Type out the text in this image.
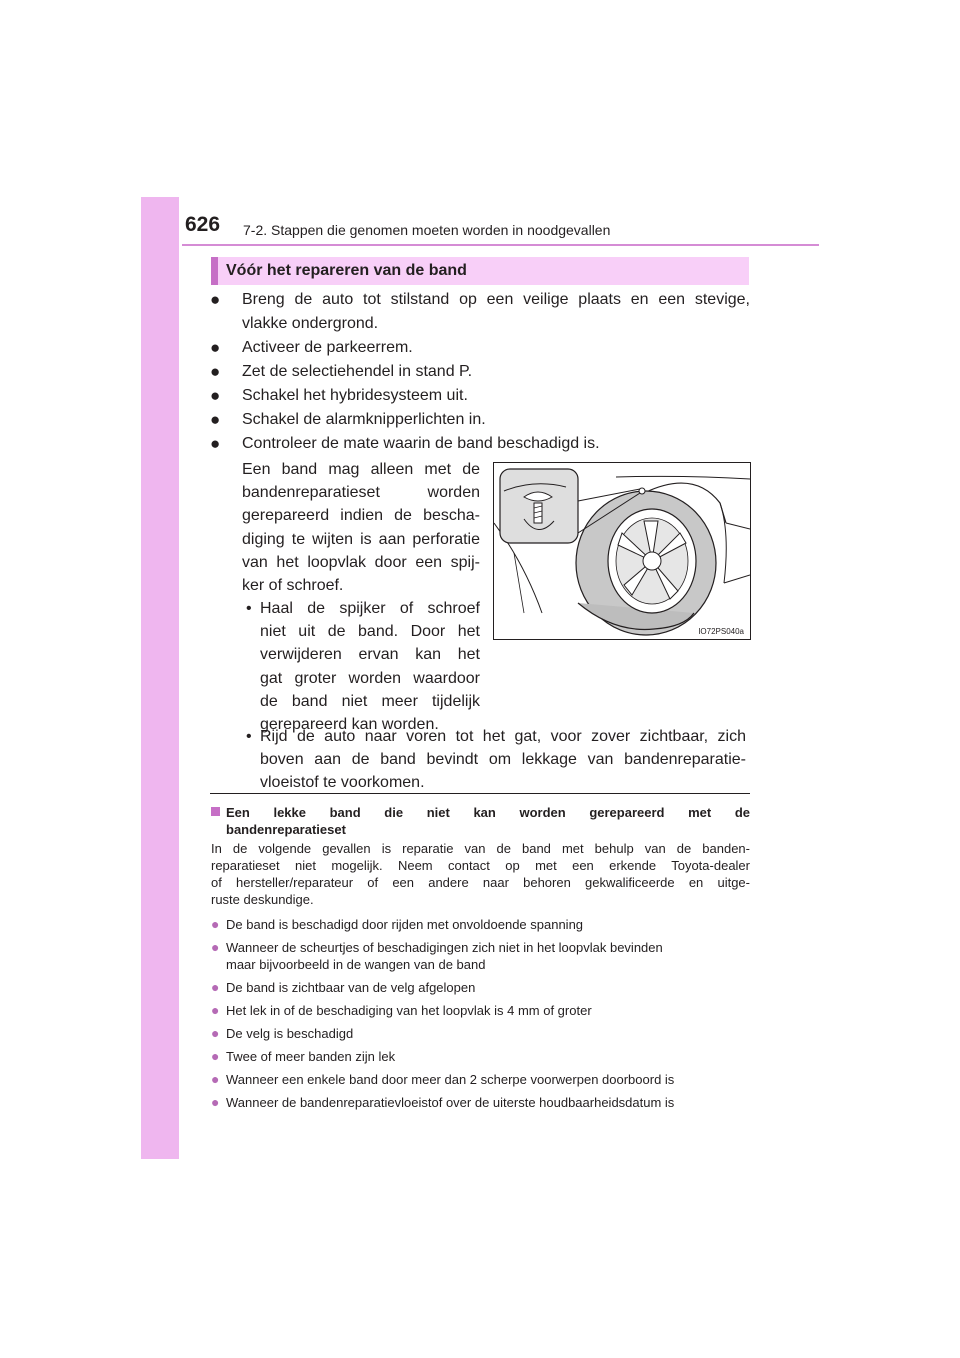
626 7-2. Stappen die genomen moeten worden in noodgevallen
Vóór het repareren van de band
● Breng de auto tot stilstand op een veilige plaats en een stevige,
vlakke ondergrond.
● Activeer de parkeerrem.
● Zet de selectiehendel in stand P.
● Schakel het hybridesysteem uit.
● Schakel de alarmknipperlichten in.
● Controleer de mate waarin de band beschadigd is.
Een band mag alleen met de
bandenreparatieset worden
gerepareerd indien de bescha-
diging te wijten is aan perforatie
van het loopvlak door een spij-
ker of schroef.
• Haal de spijker of schroef
niet uit de band. Door het
verwijderen ervan kan het
gat groter worden waardoor
de band niet meer tijdelijk
gerepareerd kan worden.
• Rijd de auto naar voren tot het gat, voor zover zichtbaar, zich
boven aan de band bevindt om lekkage van bandenreparatie-
vloeistof te voorkomen.
IO72PS040a
Een lekke band die niet kan worden gerepareerd met de
bandenreparatieset
In de volgende gevallen is reparatie van de band met behulp van de banden-
reparatieset niet mogelijk. Neem contact op met een erkende Toyota-dealer
of hersteller/reparateur of een andere naar behoren gekwalificeerde en uitge-
ruste deskundige.
● De band is beschadigd door rijden met onvoldoende spanning
● Wanneer de scheurtjes of beschadigingen zich niet in het loopvlak bevinden
maar bijvoorbeeld in de wangen van de band
● De band is zichtbaar van de velg afgelopen
● Het lek in of de beschadiging van het loopvlak is 4 mm of groter
● De velg is beschadigd
● Twee of meer banden zijn lek
● Wanneer een enkele band door meer dan 2 scherpe voorwerpen doorboord is
● Wanneer de bandenreparatievloeistof over de uiterste houdbaarheidsdatum is
